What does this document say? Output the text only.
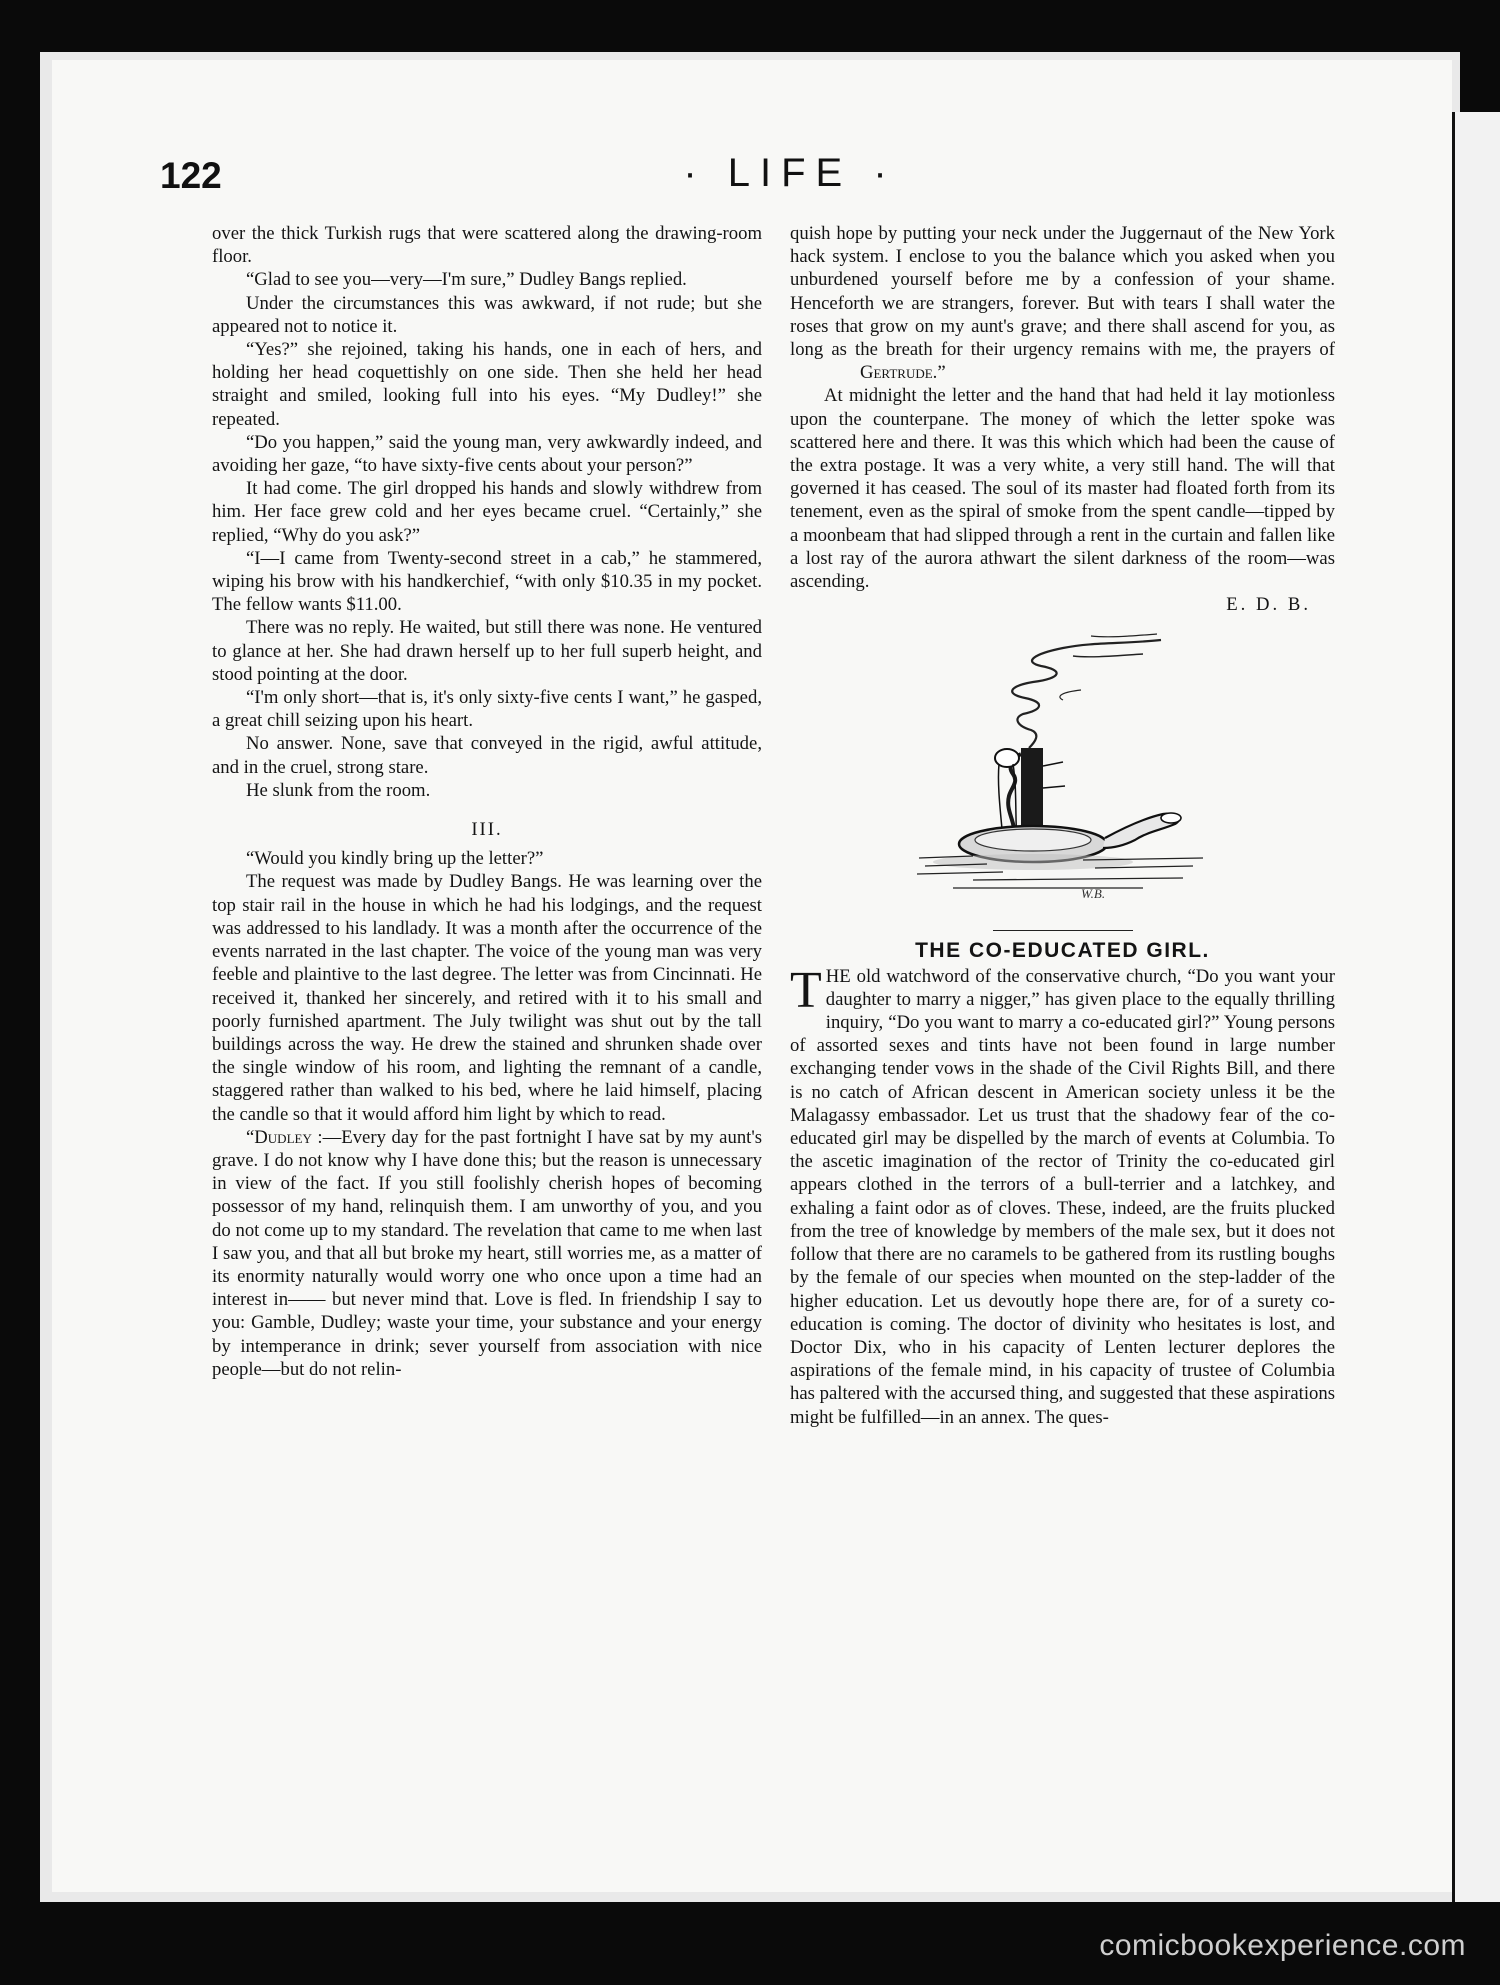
122	· LIFE ·

over the thick Turkish rugs that were scattered along the drawing-room floor.

“Glad to see you—very—I'm sure,” Dudley Bangs replied.

Under the circumstances this was awkward, if not rude; but she appeared not to notice it.

“Yes?” she rejoined, taking his hands, one in each of hers, and holding her head coquettishly on one side. Then she held her head straight and smiled, looking full into his eyes. “My Dudley!” she repeated.

“Do you happen,” said the young man, very awkwardly indeed, and avoiding her gaze, “to have sixty-five cents about your person?”

It had come. The girl dropped his hands and slowly withdrew from him. Her face grew cold and her eyes became cruel. “Certainly,” she replied, “Why do you ask?”

“I—I came from Twenty-second street in a cab,” he stammered, wiping his brow with his handkerchief, “with only $10.35 in my pocket. The fellow wants $11.00.

There was no reply. He waited, but still there was none. He ventured to glance at her. She had drawn herself up to her full superb height, and stood pointing at the door.

“I'm only short—that is, it's only sixty-five cents I want,” he gasped, a great chill seizing upon his heart.

No answer. None, save that conveyed in the rigid, awful attitude, and in the cruel, strong stare.

He slunk from the room.

III.

“Would you kindly bring up the letter?”

The request was made by Dudley Bangs. He was learning over the top stair rail in the house in which he had his lodgings, and the request was addressed to his landlady. It was a month after the occurrence of the events narrated in the last chapter. The voice of the young man was very feeble and plaintive to the last degree. The letter was from Cincinnati. He received it, thanked her sincerely, and retired with it to his small and poorly furnished apartment. The July twilight was shut out by the tall buildings across the way. He drew the stained and shrunken shade over the single window of his room, and lighting the remnant of a candle, staggered rather than walked to his bed, where he laid himself, placing the candle so that it would afford him light by which to read.

“Dudley :—Every day for the past fortnight I have sat by my aunt's grave. I do not know why I have done this; but the reason is unnecessary in view of the fact. If you still foolishly cherish hopes of becoming possessor of my hand, relinquish them. I am unworthy of you, and you do not come up to my standard. The revelation that came to me when last I saw you, and that all but broke my heart, still worries me, as a matter of its enormity naturally would worry one who once upon a time had an interest in—— but never mind that. Love is fled. In friendship I say to you: Gamble, Dudley; waste your time, your substance and your energy by intemperance in drink; sever yourself from association with nice people—but do not relin-

quish hope by putting your neck under the Juggernaut of the New York hack system. I enclose to you the balance which you asked when you unburdened yourself before me by a confession of your shame. Henceforth we are strangers, forever. But with tears I shall water the roses that grow on my aunt's grave; and there shall ascend for you, as long as the breath for their urgency remains with me, the prayers of Gertrude.”

At midnight the letter and the hand that had held it lay motionless upon the counterpane. The money of which the letter spoke was scattered here and there. It was this which which had been the cause of the extra postage. It was a very white, a very still hand. The will that governed it has ceased. The soul of its master had floated forth from its tenement, even as the spiral of smoke from the spent candle—tipped by a moonbeam that had slipped through a rent in the curtain and fallen like a lost ray of the aurora athwart the silent darkness of the room—was ascending.

E. D. B.
W.B.
THE CO-EDUCATED GIRL.

THE old watchword of the conservative church, “Do you want your daughter to marry a nigger,” has given place to the equally thrilling inquiry, “Do you want to marry a co-educated girl?” Young persons of assorted sexes and tints have not been found in large number exchanging tender vows in the shade of the Civil Rights Bill, and there is no catch of African descent in American society unless it be the Malagassy embassador. Let us trust that the shadowy fear of the co-educated girl may be dispelled by the march of events at Columbia. To the ascetic imagination of the rector of Trinity the co-educated girl appears clothed in the terrors of a bull-terrier and a latchkey, and exhaling a faint odor as of cloves. These, indeed, are the fruits plucked from the tree of knowledge by members of the male sex, but it does not follow that there are no caramels to be gathered from its rustling boughs by the female of our species when mounted on the step-ladder of the higher education. Let us devoutly hope there are, for of a surety co-education is coming. The doctor of divinity who hesitates is lost, and Doctor Dix, who in his capacity of Lenten lecturer deplores the aspirations of the female mind, in his capacity of trustee of Columbia has paltered with the accursed thing, and suggested that these aspirations might be fulfilled—in an annex. The ques-

comicbookexperience.com
